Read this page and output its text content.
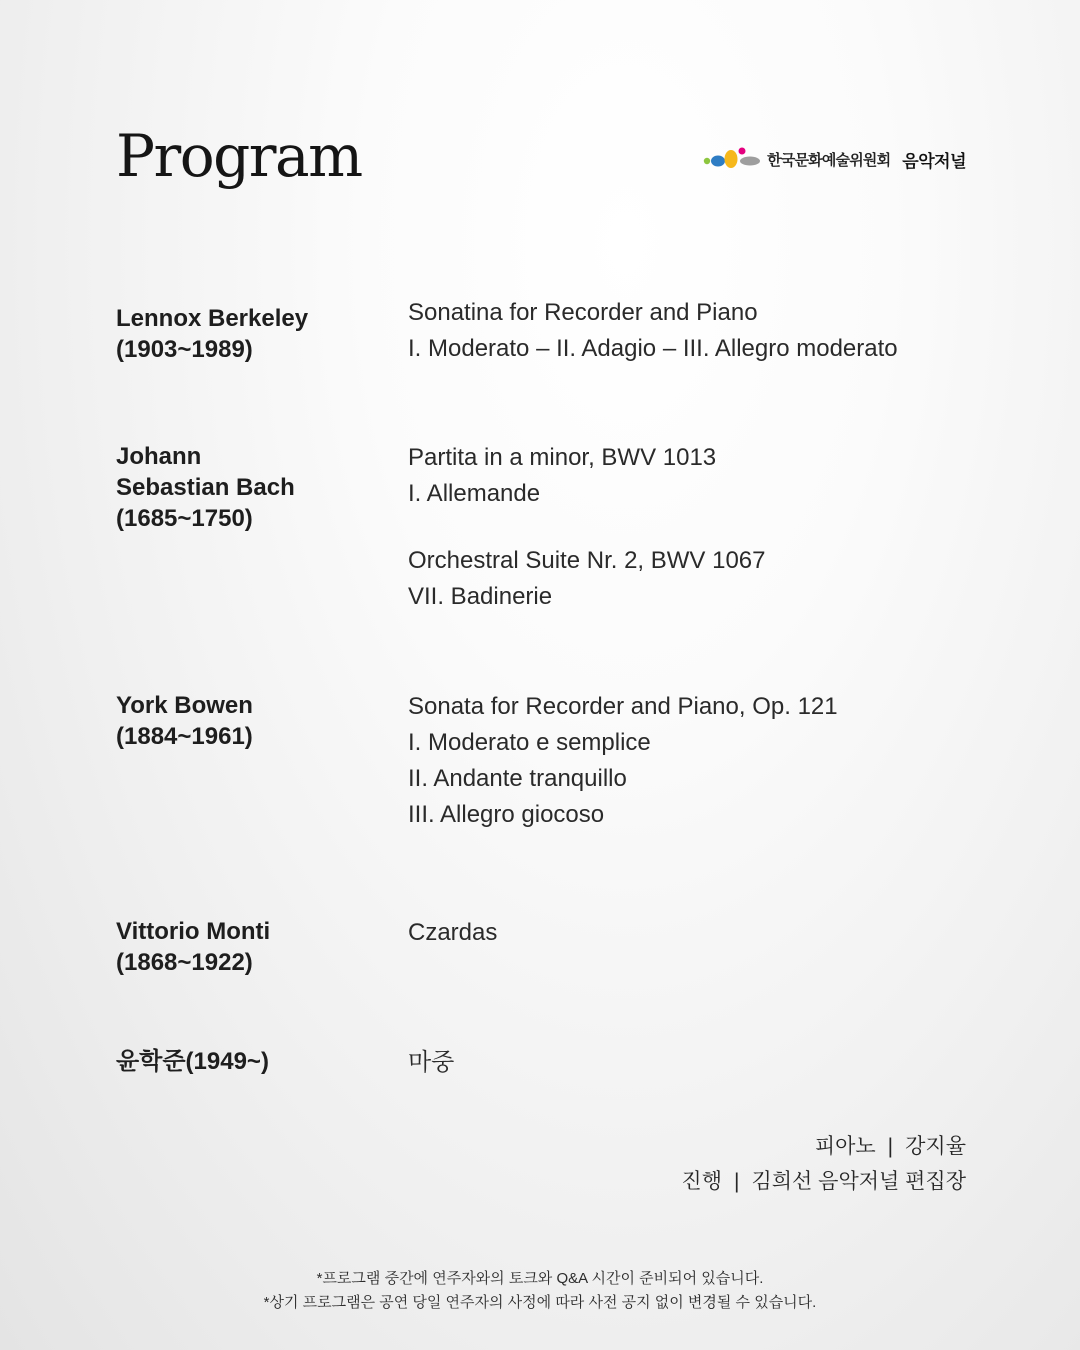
Program	한국문화예술위원회 음악저널
Lennox Berkeley
(1903~1989)
Sonatina for Recorder and Piano
I. Moderato – II. Adagio – III. Allegro moderato
Johann
Sebastian Bach
(1685~1750)
Partita in a minor, BWV 1013
I. Allemande
Orchestral Suite Nr. 2, BWV 1067
VII. Badinerie
York Bowen
(1884~1961)
Sonata for Recorder and Piano, Op. 121
I. Moderato e semplice
II. Andante tranquillo
III. Allegro giocoso
Vittorio Monti
(1868~1922)
Czardas
윤학준(1949~)	마중
피아노 | 강지율
진행 | 김희선 음악저널 편집장
*프로그램 중간에 연주자와의 토크와 Q&A 시간이 준비되어 있습니다.
*상기 프로그램은 공연 당일 연주자의 사정에 따라 사전 공지 없이 변경될 수 있습니다.
